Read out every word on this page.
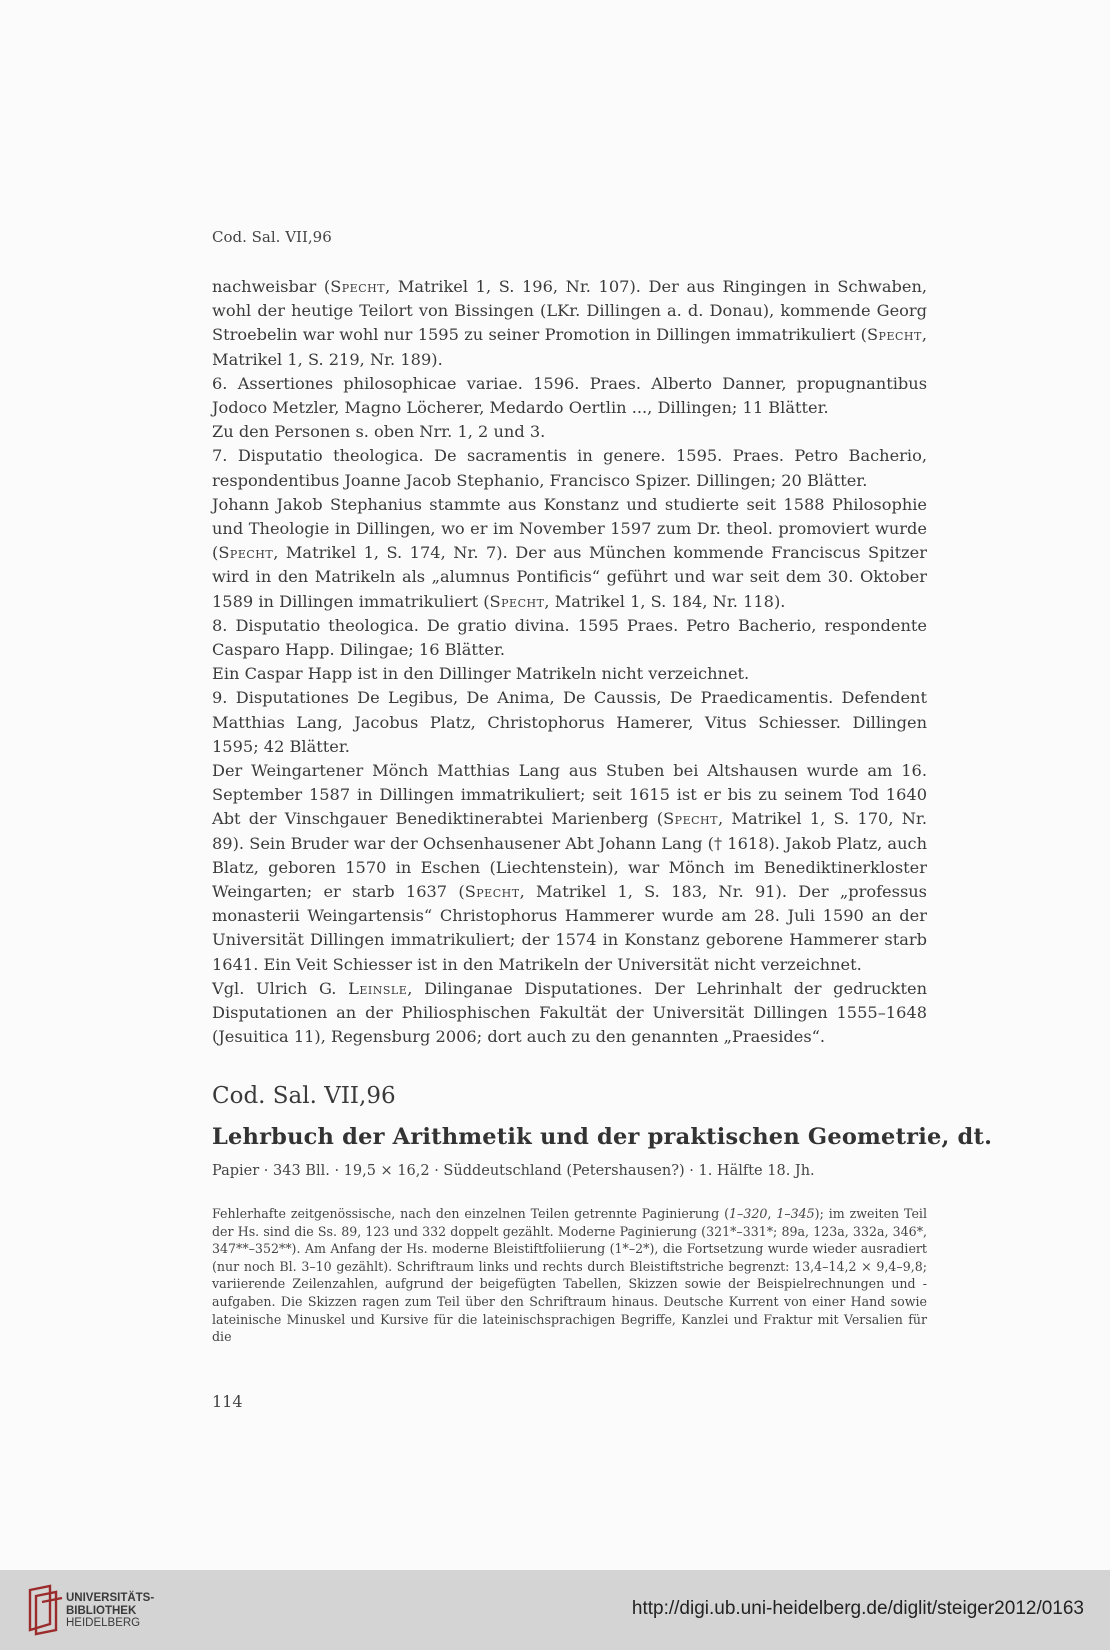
Cod. Sal. VII,96

nachweisbar (Specht, Matrikel 1, S. 196, Nr. 107). Der aus Ringingen in Schwaben, wohl der heutige Teilort von Bissingen (LKr. Dillingen a. d. Donau), kommende Georg Stroebelin war wohl nur 1595 zu seiner Promotion in Dillingen immatrikuliert (Specht, Matrikel 1, S. 219, Nr. 189).

6. Assertiones philosophicae variae. 1596. Praes. Alberto Danner, propugnantibus Jodoco Metzler, Magno Löcherer, Medardo Oertlin ..., Dillingen; 11 Blätter.

Zu den Personen s. oben Nrr. 1, 2 und 3.

7. Disputatio theologica. De sacramentis in genere. 1595. Praes. Petro Bacherio, respondentibus Joanne Jacob Stephanio, Francisco Spizer. Dillingen; 20 Blätter.

Johann Jakob Stephanius stammte aus Konstanz und studierte seit 1588 Philosophie und Theologie in Dillingen, wo er im November 1597 zum Dr. theol. promoviert wurde (Specht, Matrikel 1, S. 174, Nr. 7). Der aus München kommende Franciscus Spitzer wird in den Matrikeln als „alumnus Pontificis“ geführt und war seit dem 30. Oktober 1589 in Dillingen immatrikuliert (Specht, Matrikel 1, S. 184, Nr. 118).

8. Disputatio theologica. De gratio divina. 1595 Praes. Petro Bacherio, respondente Casparo Happ. Dilingae; 16 Blätter.

Ein Caspar Happ ist in den Dillinger Matrikeln nicht verzeichnet.

9. Disputationes De Legibus, De Anima, De Caussis, De Praedicamentis. Defendent Matthias Lang, Jacobus Platz, Christophorus Hamerer, Vitus Schiesser. Dillingen 1595; 42 Blätter.

Der Weingartener Mönch Matthias Lang aus Stuben bei Altshausen wurde am 16. September 1587 in Dillingen immatrikuliert; seit 1615 ist er bis zu seinem Tod 1640 Abt der Vinschgauer Benediktinerabtei Marienberg (Specht, Matrikel 1, S. 170, Nr. 89). Sein Bruder war der Ochsenhausener Abt Johann Lang († 1618). Jakob Platz, auch Blatz, geboren 1570 in Eschen (Liechtenstein), war Mönch im Benediktinerkloster Weingarten; er starb 1637 (Specht, Matrikel 1, S. 183, Nr. 91). Der „professus monasterii Weingartensis“ Christophorus Hammerer wurde am 28. Juli 1590 an der Universität Dillingen immatrikuliert; der 1574 in Konstanz geborene Hammerer starb 1641. Ein Veit Schiesser ist in den Matrikeln der Universität nicht verzeichnet.

Vgl. Ulrich G. Leinsle, Dilinganae Disputationes. Der Lehrinhalt der gedruckten Disputationen an der Philiosphischen Fakultät der Universität Dillingen 1555–1648 (Jesuitica 11), Regensburg 2006; dort auch zu den genannten „Praesides“.

Cod. Sal. VII,96
Lehrbuch der Arithmetik und der praktischen Geometrie, dt.
Papier · 343 Bll. · 19,5 × 16,2 · Süddeutschland (Petershausen?) · 1. Hälfte 18. Jh.
Fehlerhafte zeitgenössische, nach den einzelnen Teilen getrennte Paginierung (1–320, 1–345); im zweiten Teil der Hs. sind die Ss. 89, 123 und 332 doppelt gezählt. Moderne Paginierung (321*–331*; 89a, 123a, 332a, 346*, 347**–352**). Am Anfang der Hs. moderne Bleistiftfoliierung (1*–2*), die Fortsetzung wurde wieder ausradiert (nur noch Bl. 3–10 gezählt). Schriftraum links und rechts durch Bleistiftstriche begrenzt: 13,4–14,2 × 9,4–9,8; variierende Zeilenzahlen, aufgrund der beigefügten Tabellen, Skizzen sowie der Beispielrechnungen und -aufgaben. Die Skizzen ragen zum Teil über den Schriftraum hinaus. Deutsche Kurrent von einer Hand sowie lateinische Minuskel und Kursive für die lateinischsprachigen Begriffe, Kanzlei und Fraktur mit Versalien für die
114
UNIVERSITÄTS-
BIBLIOTHEK
HEIDELBERG
http://digi.ub.uni-heidelberg.de/diglit/steiger2012/0163
